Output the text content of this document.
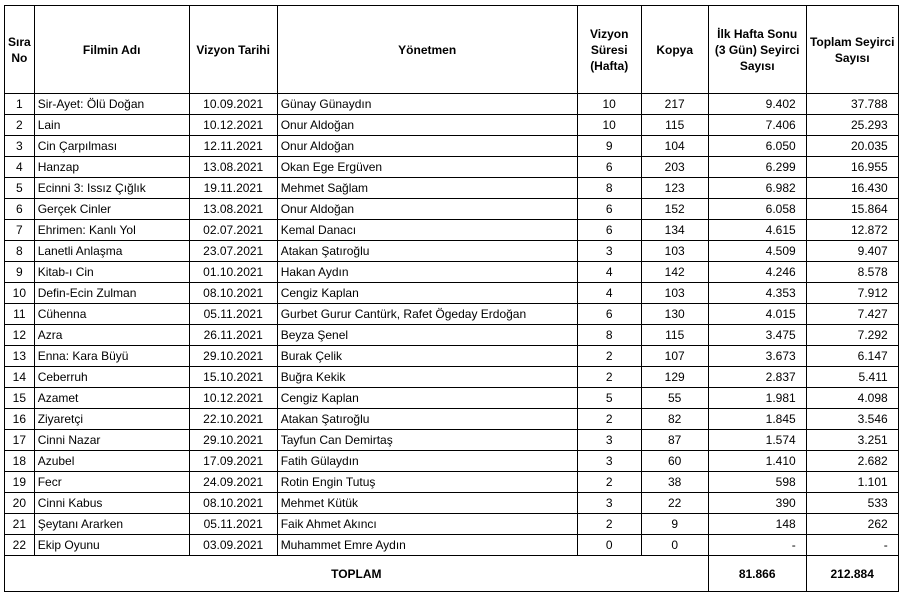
Sıra No	Filmin Adı	Vizyon Tarihi	Yönetmen	Vizyon Süresi (Hafta)	Kopya	İlk Hafta Sonu (3 Gün) Seyirci Sayısı	Toplam Seyirci Sayısı
1	Sir-Ayet: Ölü Doğan	10.09.2021	Günay Günaydın	10	217	9.402	37.788
2	Lain	10.12.2021	Onur Aldoğan	10	115	7.406	25.293
3	Cin Çarpılması	12.11.2021	Onur Aldoğan	9	104	6.050	20.035
4	Hanzap	13.08.2021	Okan Ege Ergüven	6	203	6.299	16.955
5	Ecinni 3: Issız Çığlık	19.11.2021	Mehmet Sağlam	8	123	6.982	16.430
6	Gerçek Cinler	13.08.2021	Onur Aldoğan	6	152	6.058	15.864
7	Ehrimen: Kanlı Yol	02.07.2021	Kemal Danacı	6	134	4.615	12.872
8	Lanetli Anlaşma	23.07.2021	Atakan Şatıroğlu	3	103	4.509	9.407
9	Kitab-ı Cin	01.10.2021	Hakan Aydın	4	142	4.246	8.578
10	Defin-Ecin Zulman	08.10.2021	Cengiz Kaplan	4	103	4.353	7.912
11	Cühenna	05.11.2021	Gurbet Gurur Cantürk, Rafet Ögeday Erdoğan	6	130	4.015	7.427
12	Azra	26.11.2021	Beyza Şenel	8	115	3.475	7.292
13	Enna: Kara Büyü	29.10.2021	Burak Çelik	2	107	3.673	6.147
14	Ceberruh	15.10.2021	Buğra Kekik	2	129	2.837	5.411
15	Azamet	10.12.2021	Cengiz Kaplan	5	55	1.981	4.098
16	Ziyaretçi	22.10.2021	Atakan Şatıroğlu	2	82	1.845	3.546
17	Cinni Nazar	29.10.2021	Tayfun Can Demirtaş	3	87	1.574	3.251
18	Azubel	17.09.2021	Fatih Gülaydın	3	60	1.410	2.682
19	Fecr	24.09.2021	Rotin Engin Tutuş	2	38	598	1.101
20	Cinni Kabus	08.10.2021	Mehmet Kütük	3	22	390	533
21	Şeytanı Ararken	05.11.2021	Faik Ahmet Akıncı	2	9	148	262
22	Ekip Oyunu	03.09.2021	Muhammet Emre Aydın	0	0	-	-
TOPLAM						81.866	212.884
